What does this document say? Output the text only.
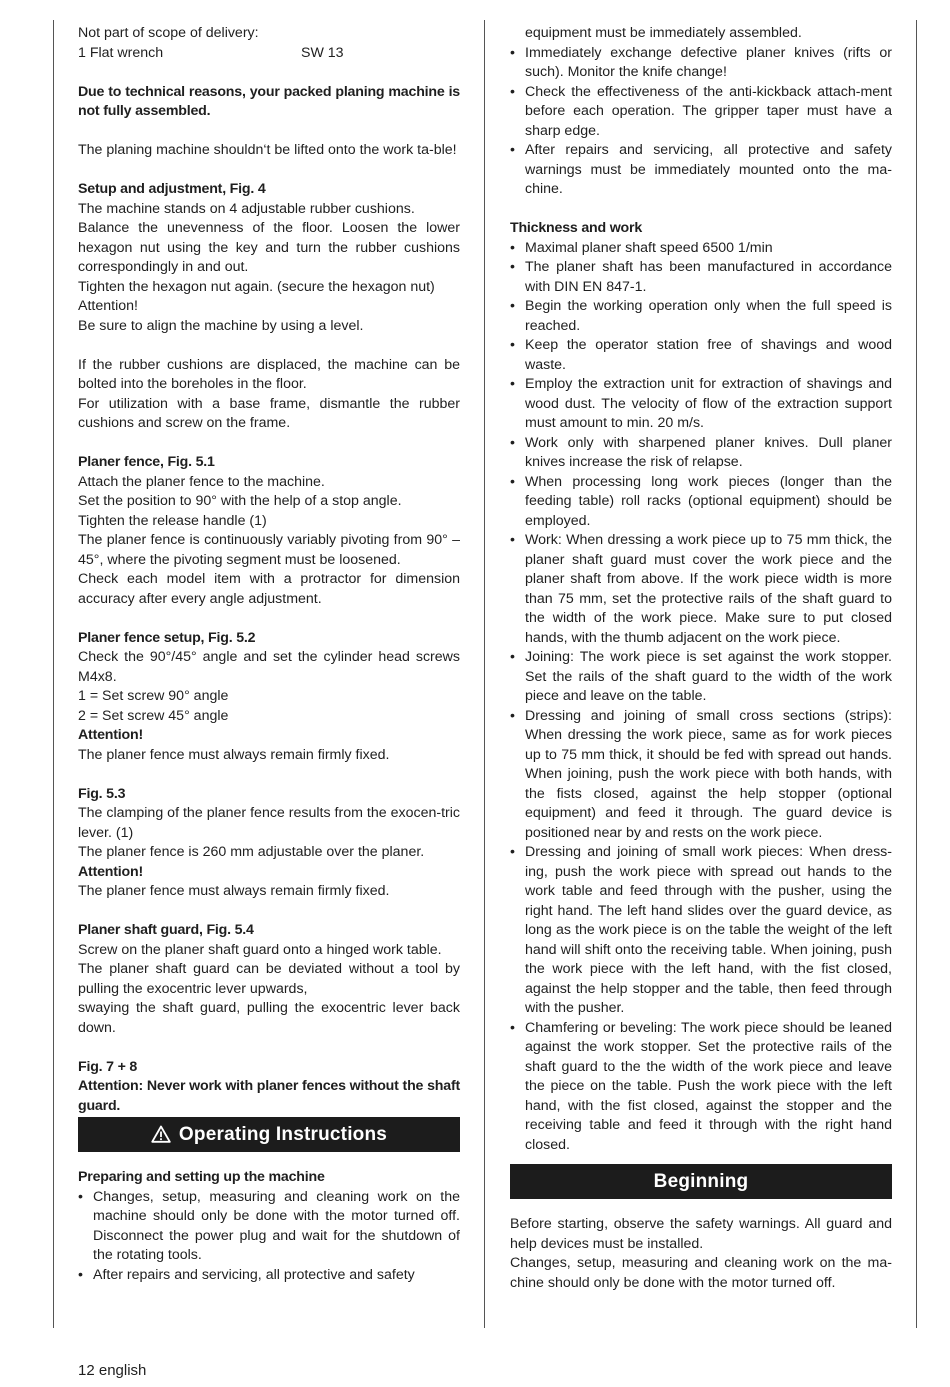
Not part of scope of delivery:

1 Flat wrench	SW 13

Due to technical reasons, your packed planing machine is not fully assembled.

The planing machine shouldn‘t be lifted onto the work ta-ble!

Setup and adjustment, Fig. 4

The machine stands on 4 adjustable rubber cushions.

Balance the unevenness of the floor. Loosen the lower hexagon nut using the key and turn the rubber cushions correspondingly in and out.

Tighten the hexagon nut again. (secure the hexagon nut)

Attention!

Be sure to align the machine by using a level.

If the rubber cushions are displaced, the machine can be bolted into the boreholes in the floor.

For utilization with a base frame, dismantle the rubber cushions and screw on the frame.

Planer fence, Fig. 5.1

Attach the planer fence to the machine.

Set the position to 90° with the help of a stop angle.

Tighten the release handle (1)

The planer fence is continuously variably pivoting from 90° – 45°, where the pivoting segment must be loosened.

Check each model item with a protractor for dimension accuracy after every angle adjustment.

Planer fence setup, Fig. 5.2

Check the 90°/45° angle and set the cylinder head screws M4x8.

1 = Set screw 90° angle

2 = Set screw 45° angle

Attention!

The planer fence must always remain firmly fixed.

Fig. 5.3

The clamping of the planer fence results from the exocen-tric lever. (1)

The planer fence is 260 mm adjustable over the planer.

Attention!

The planer fence must always remain firmly fixed.

Planer shaft guard, Fig. 5.4

Screw on the planer shaft guard onto a hinged work table.

The planer shaft guard can be deviated without a tool by pulling the exocentric lever upwards,

swaying the shaft guard, pulling the exocentric lever back down.

Fig. 7 + 8

Attention: Never work with planer fences without the shaft guard.

Operating Instructions

Preparing and setting up the machine

• Changes, setup, measuring and cleaning work on the machine should only be done with the motor turned off. Disconnect the power plug and wait for the shutdown of the rotating tools.
• After repairs and servicing, all protective and safety

equipment must be immediately assembled.

• Immediately exchange defective planer knives (rifts or such). Monitor the knife change!
• Check the effectiveness of the anti-kickback attach-ment before each operation. The gripper taper must have a sharp edge.
• After repairs and servicing, all protective and safety warnings must be immediately mounted onto the ma-chine.

Thickness and work

• Maximal planer shaft speed 6500 1/min
• The planer shaft has been manufactured in accordance with DIN EN 847-1.
• Begin the working operation only when the full speed is reached.
• Keep the operator station free of shavings and wood waste.
• Employ the extraction unit for extraction of shavings and wood dust. The velocity of flow of the extraction support must amount to min. 20 m/s.
• Work only with sharpened planer knives. Dull planer knives increase the risk of relapse.
• When processing long work pieces (longer than the feeding table) roll racks (optional equipment) should be employed.
• Work: When dressing a work piece up to 75 mm thick, the planer shaft guard must cover the work piece and the planer shaft from above. If the work piece width is more than 75 mm, set the protective rails of the shaft guard to the width of the work piece. Make sure to put closed hands, with the thumb adjacent on the work piece.
• Joining: The work piece is set against the work stopper. Set the rails of the shaft guard to the width of the work piece and leave on the table.
• Dressing and joining of small cross sections (strips): When dressing the work piece, same as for work pieces up to 75 mm thick, it should be fed with spread out hands. When joining, push the work piece with both hands, with the fists closed, against the help stopper (optional equipment) and feed it through. The guard device is positioned near by and rests on the work piece.
• Dressing and joining of small work pieces: When dress-ing, push the work piece with spread out hands to the work table and feed through with the pusher, using the right hand. The left hand slides over the guard device, as long as the work piece is on the table the weight of the left hand will shift onto the receiving table. When joining, push the work piece with the left hand, with the fist closed, against the help stopper and the table, then feed through with the pusher.
• Chamfering or beveling: The work piece should be leaned against the work stopper. Set the protective rails of the shaft guard to the the width of the work piece and leave the piece on the table. Push the work piece with the left hand, with the fist closed, against the stopper and the receiving table and feed it through with the right hand closed.
Beginning

Before starting, observe the safety warnings. All guard and help devices must be installed.

Changes, setup, measuring and cleaning work on the ma-chine should only be done with the motor turned off.

12 english
